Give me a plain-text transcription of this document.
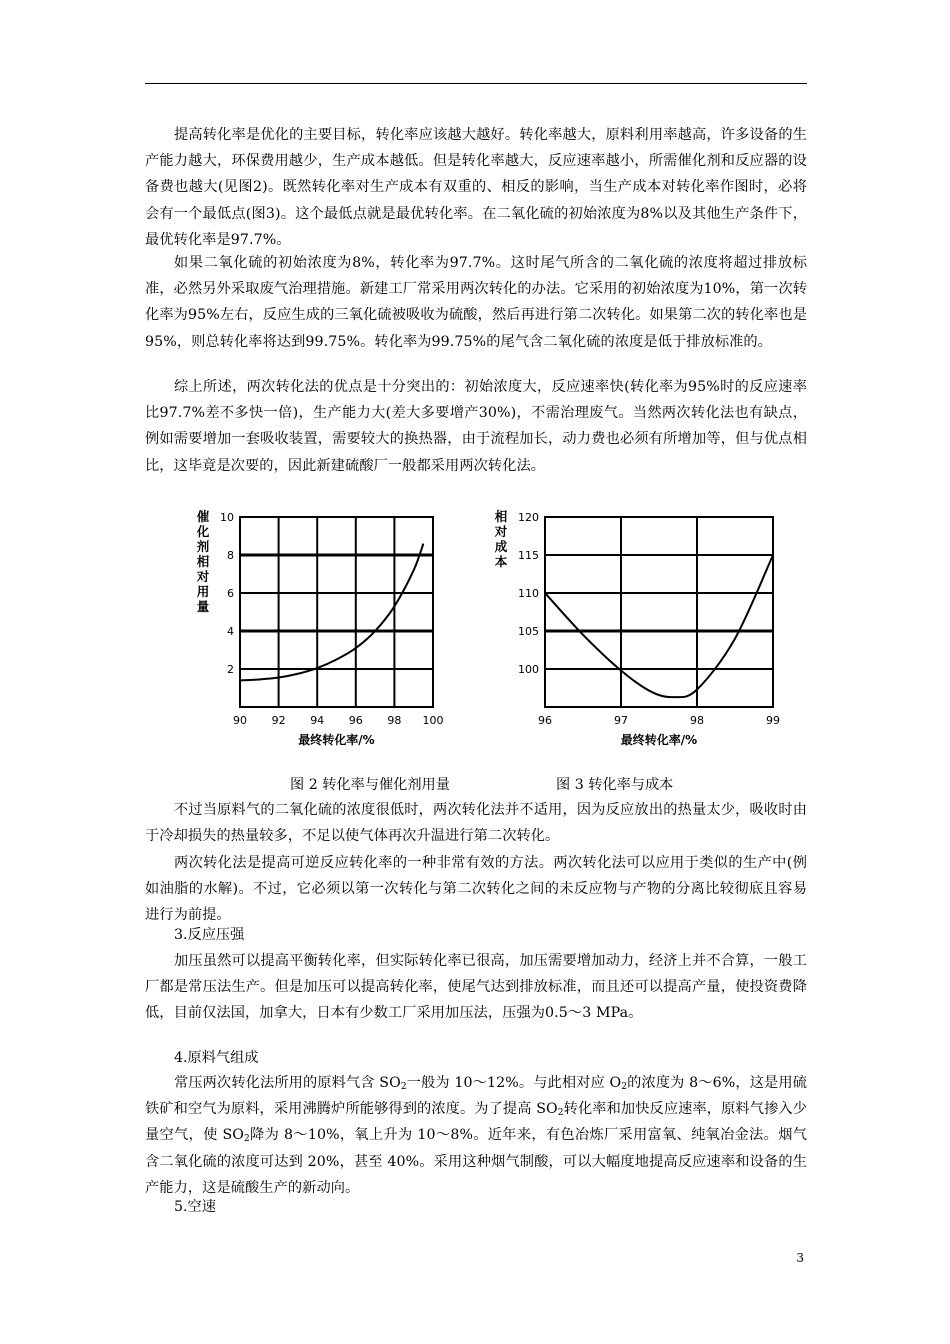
提高转化率是优化的主要目标，转化率应该越大越好。转化率越大，原料利用率越高，许多设备的生产能力越大，环保费用越少，生产成本越低。但是转化率越大，反应速率越小，所需催化剂和反应器的设备费也越大(见图2)。既然转化率对生产成本有双重的、相反的影响，当生产成本对转化率作图时，必将会有一个最低点(图3)。这个最低点就是最优转化率。在二氧化硫的初始浓度为8%以及其他生产条件下，最优转化率是97.7%。

如果二氧化硫的初始浓度为8%，转化率为97.7%。这时尾气所含的二氧化硫的浓度将超过排放标准，必然另外采取废气治理措施。新建工厂常采用两次转化的办法。它采用的初始浓度为10%，第一次转化率为95%左右，反应生成的三氧化硫被吸收为硫酸，然后再进行第二次转化。如果第二次的转化率也是95%，则总转化率将达到99.75%。转化率为99.75%的尾气含二氧化硫的浓度是低于排放标准的。

综上所述，两次转化法的优点是十分突出的：初始浓度大，反应速率快(转化率为95%时的反应速率比97.7%差不多快一倍)，生产能力大(差大多要增产30%)，不需治理废气。当然两次转化法也有缺点，例如需要增加一套吸收装置，需要较大的换热器，由于流程加长，动力费也必须有所增加等，但与优点相比，这毕竟是次要的，因此新建硫酸厂一般都采用两次转化法。

90 92 94 96 98 100
2
4
6
8
10
最终转化率/%
催
化
剂
相
对
用
量
96	97	98	99
100
105
110
115
120
最终转化率/%
相
对
成
本
图 2 转化率与催化剂用量	图 3 转化率与成本

不过当原料气的二氧化硫的浓度很低时，两次转化法并不适用，因为反应放出的热量太少，吸收时由于冷却损失的热量较多，不足以使气体再次升温进行第二次转化。

两次转化法是提高可逆反应转化率的一种非常有效的方法。两次转化法可以应用于类似的生产中(例如油脂的水解)。不过，它必须以第一次转化与第二次转化之间的未反应物与产物的分离比较彻底且容易进行为前提。

3.反应压强

加压虽然可以提高平衡转化率，但实际转化率已很高，加压需要增加动力，经济上并不合算，一般工厂都是常压法生产。但是加压可以提高转化率，使尾气达到排放标准，而且还可以提高产量，使投资费降低，目前仅法国，加拿大，日本有少数工厂采用加压法，压强为0.5～3 MPa。

4.原料气组成

常压两次转化法所用的原料气含 $SO_2$一般为 10～12%。与此相对应 $O_2$的浓度为 8～6%，这是用硫铁矿和空气为原料，采用沸腾炉所能够得到的浓度。为了提高 $SO_2$转化率和加快反应速率，原料气掺入少量空气，使 $SO_2$降为 8～10%，氧上升为 10～8%。近年来，有色冶炼厂采用富氧、纯氧冶金法。烟气含二氧化硫的浓度可达到 20%，甚至 40%。采用这种烟气制酸，可以大幅度地提高反应速率和设备的生产能力，这是硫酸生产的新动向。

5.空速
3
